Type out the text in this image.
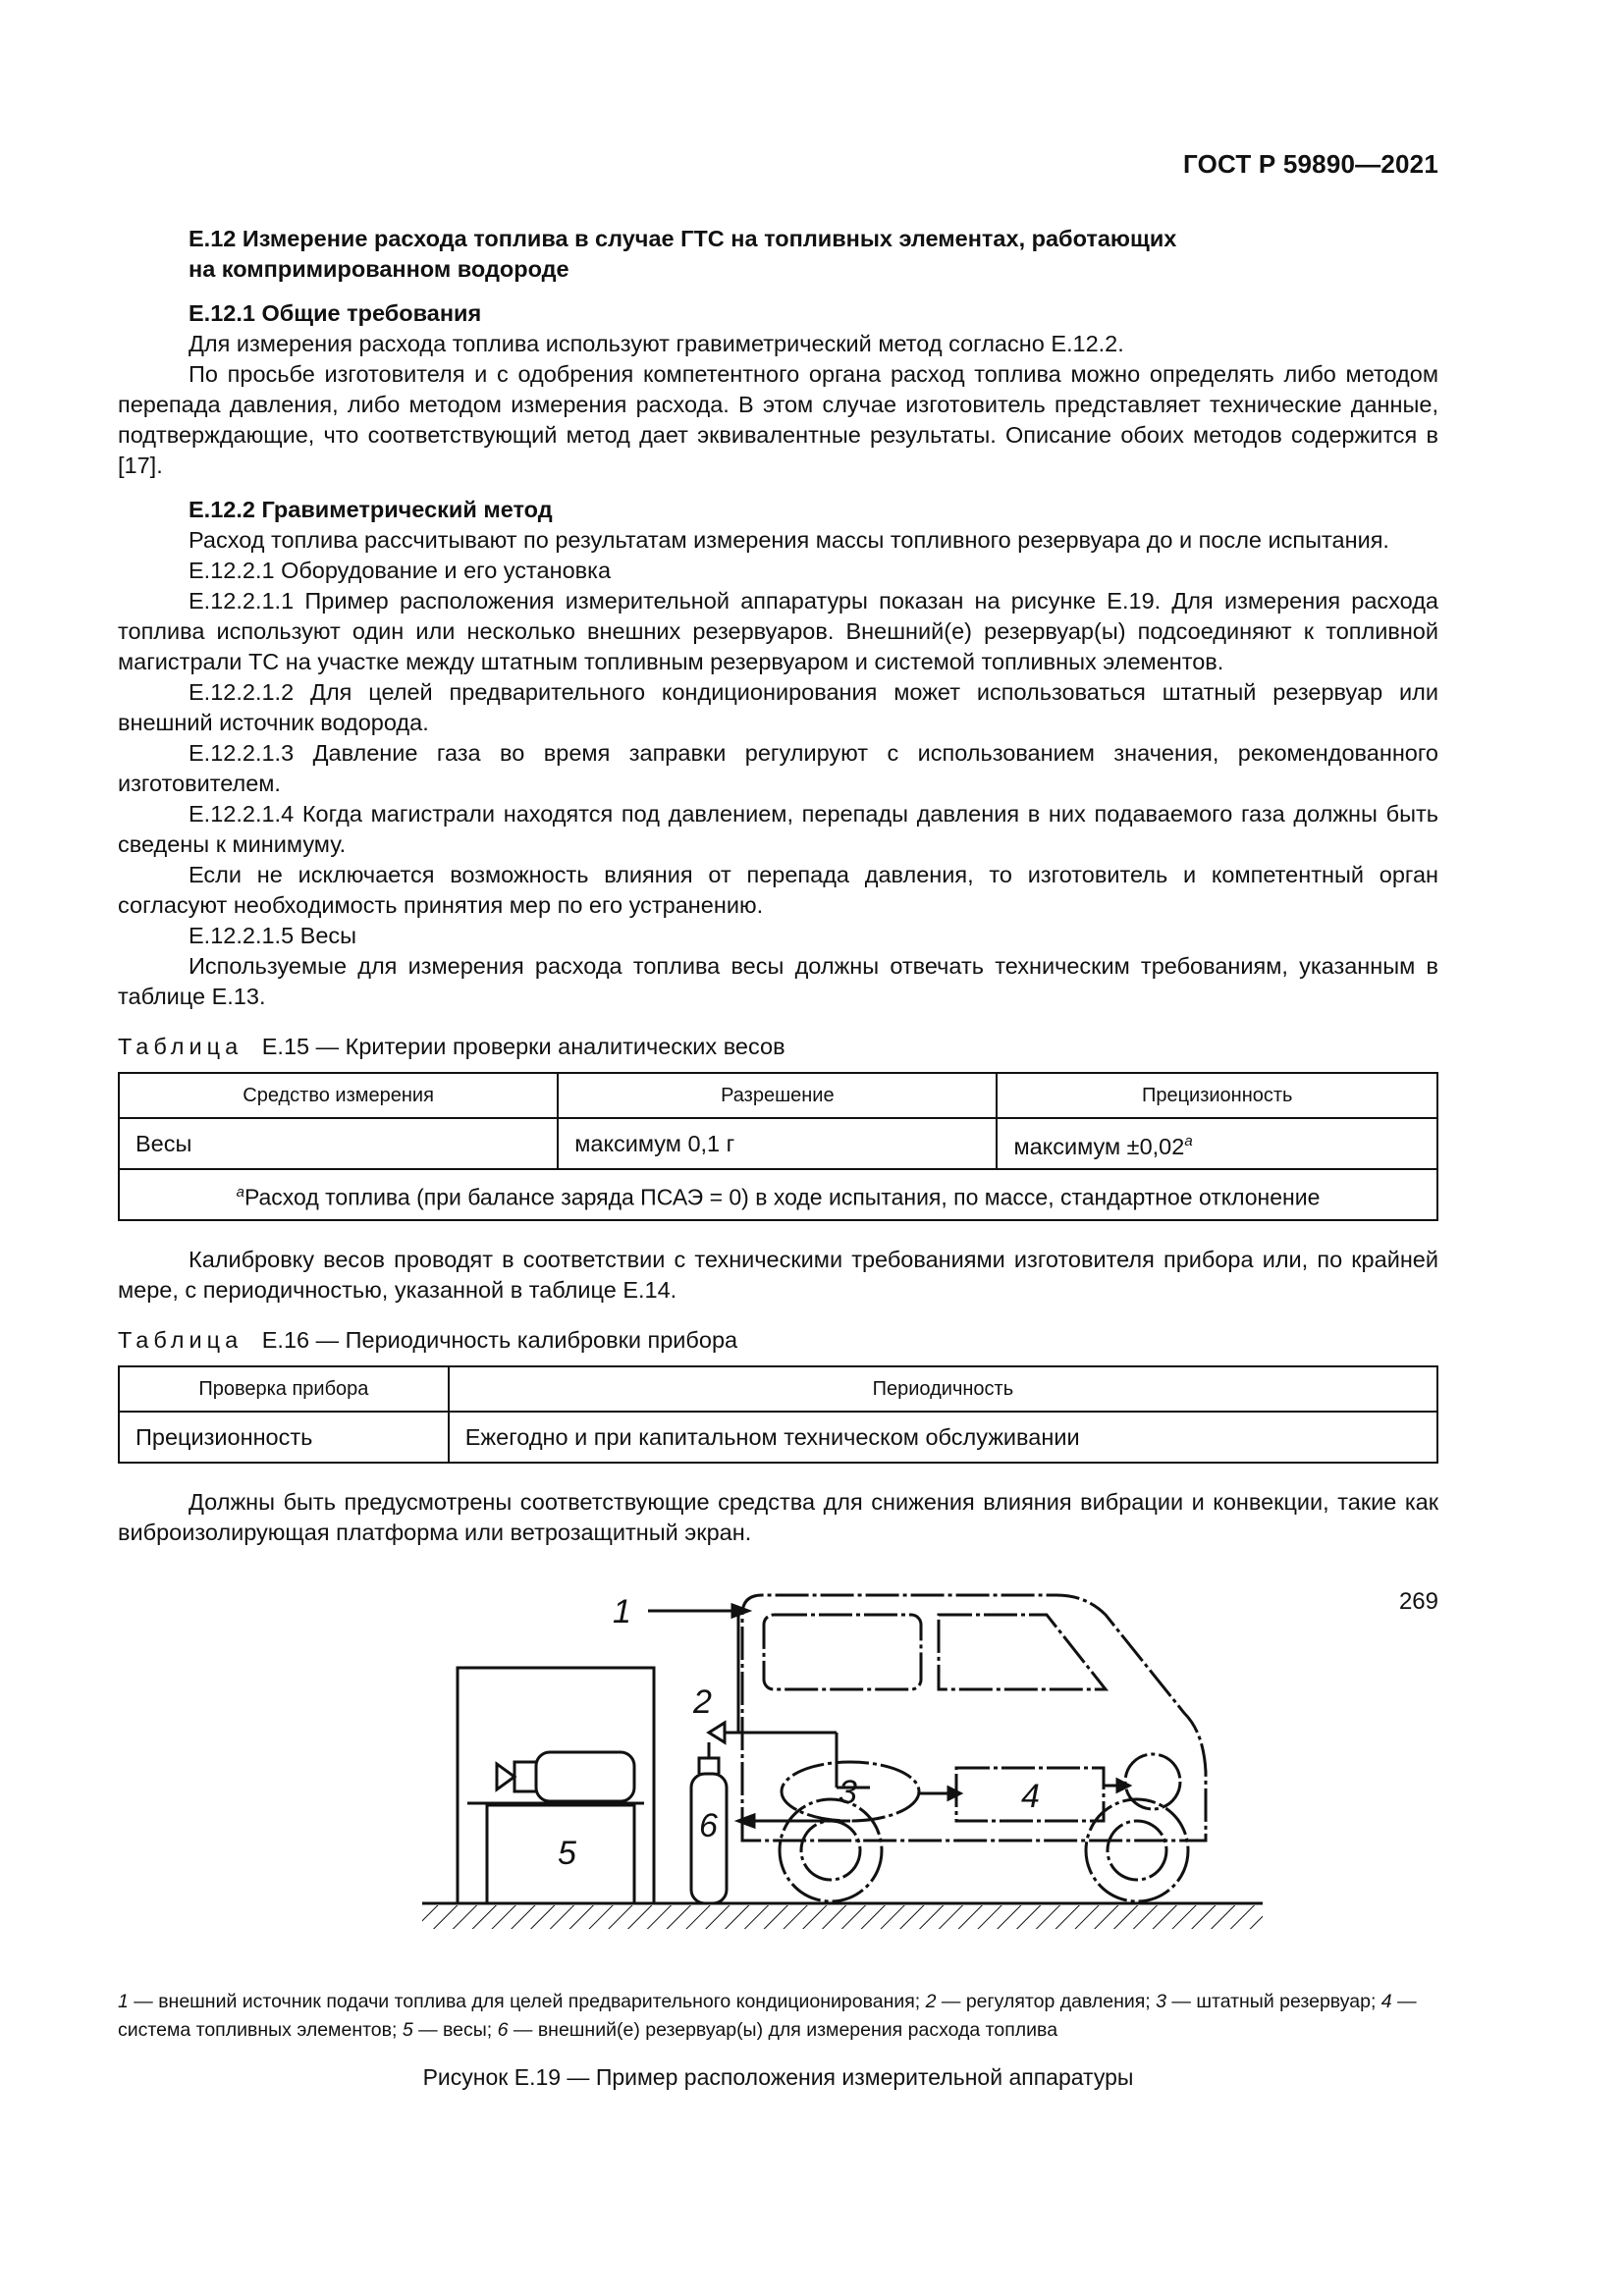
ГОСТ Р 59890—2021

Е.12 Измерение расхода топлива в случае ГТС на топливных элементах, работающих
на компримированном водороде

Е.12.1 Общие требования

Для измерения расхода топлива используют гравиметрический метод согласно Е.12.2.

По просьбе изготовителя и с одобрения компетентного органа расход топлива можно определять либо методом перепада давления, либо методом измерения расхода. В этом случае изготовитель представляет технические данные, подтверждающие, что соответствующий метод дает эквивалентные результаты. Описание обоих методов содержится в [17].

Е.12.2 Гравиметрический метод

Расход топлива рассчитывают по результатам измерения массы топливного резервуара до и после испытания.

Е.12.2.1 Оборудование и его установка

Е.12.2.1.1 Пример расположения измерительной аппаратуры показан на рисунке Е.19. Для измерения расхода топлива используют один или несколько внешних резервуаров. Внешний(е) резервуар(ы) подсоединяют к топливной магистрали ТС на участке между штатным топливным резервуаром и системой топливных элементов.

Е.12.2.1.2 Для целей предварительного кондиционирования может использоваться штатный резервуар или внешний источник водорода.

Е.12.2.1.3 Давление газа во время заправки регулируют с использованием значения, рекомендованного изготовителем.

Е.12.2.1.4 Когда магистрали находятся под давлением, перепады давления в них подаваемого газа должны быть сведены к минимуму.

Если не исключается возможность влияния от перепада давления, то изготовитель и компетентный орган согласуют необходимость принятия мер по его устранению.

Е.12.2.1.5 Весы

Используемые для измерения расхода топлива весы должны отвечать техническим требованиям, указанным в таблице Е.13.

Таблица Е.15 — Критерии проверки аналитических весов

Средство измерения	Разрешение	Прецизионность
Весы	максимум 0,1 г	максимум ±0,02$^a$
$^a$Расход топлива (при балансе заряда ПСАЭ = 0) в ходе испытания, по массе, стандартное отклонение		

Калибровку весов проводят в соответствии с техническими требованиями изготовителя прибора или, по крайней мере, с периодичностью, указанной в таблице Е.14.

Таблица Е.16 — Периодичность калибровки прибора

Проверка прибора	Периодичность
Прецизионность	Ежегодно и при капитальном техническом обслуживании

Должны быть предусмотрены соответствующие средства для снижения влияния вибрации и конвекции, такие как виброизолирующая платформа или ветрозащитный экран.

1
2
3	4
5
6

1 — внешний источник подачи топлива для целей предварительного кондиционирования; 2 — регулятор давления; 3 — штатный резервуар; 4 — система топливных элементов; 5 — весы; 6 — внешний(е) резервуар(ы) для измерения расхода топлива

Рисунок Е.19 — Пример расположения измерительной аппаратуры

269
